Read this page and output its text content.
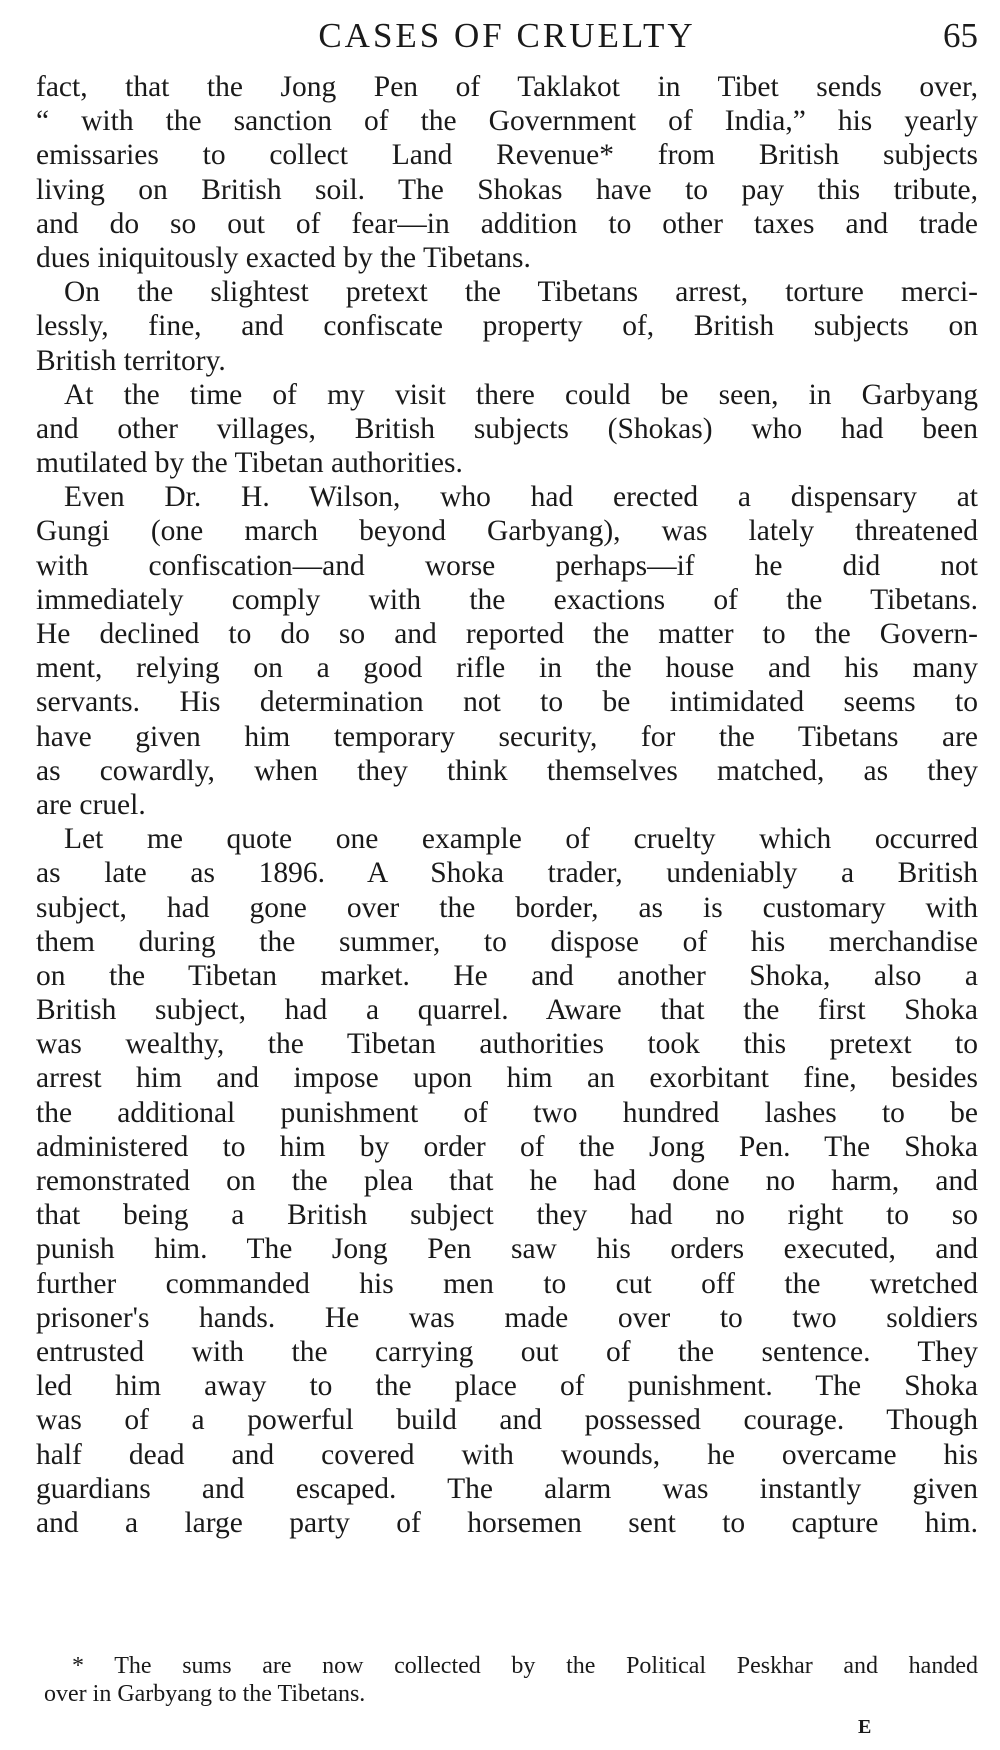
CASES OF CRUELTY	65
fact, that the Jong Pen of Taklakot in Tibet sends over,
“ with the sanction of the Government of India,” his yearly
emissaries to collect Land Revenue* from British subjects
living on British soil. The Shokas have to pay this tribute,
and do so out of fear—in addition to other taxes and trade
dues iniquitously exacted by the Tibetans.
On the slightest pretext the Tibetans arrest, torture merci-
lessly, fine, and confiscate property of, British subjects on
British territory.
At the time of my visit there could be seen, in Garbyang
and other villages, British subjects (Shokas) who had been
mutilated by the Tibetan authorities.
Even Dr. H. Wilson, who had erected a dispensary at
Gungi (one march beyond Garbyang), was lately threatened
with confiscation—and worse perhaps—if he did not
immediately comply with the exactions of the Tibetans.
He declined to do so and reported the matter to the Govern-
ment, relying on a good rifle in the house and his many
servants. His determination not to be intimidated seems to
have given him temporary security, for the Tibetans are
as cowardly, when they think themselves matched, as they
are cruel.
Let me quote one example of cruelty which occurred
as late as 1896. A Shoka trader, undeniably a British
subject, had gone over the border, as is customary with
them during the summer, to dispose of his merchandise
on the Tibetan market. He and another Shoka, also a
British subject, had a quarrel. Aware that the first Shoka
was wealthy, the Tibetan authorities took this pretext to
arrest him and impose upon him an exorbitant fine, besides
the additional punishment of two hundred lashes to be
administered to him by order of the Jong Pen. The Shoka
remonstrated on the plea that he had done no harm, and
that being a British subject they had no right to so
punish him. The Jong Pen saw his orders executed, and
further commanded his men to cut off the wretched
prisoner's hands. He was made over to two soldiers
entrusted with the carrying out of the sentence. They
led him away to the place of punishment. The Shoka
was of a powerful build and possessed courage. Though
half dead and covered with wounds, he overcame his
guardians and escaped. The alarm was instantly given
and a large party of horsemen sent to capture him.
* The sums are now collected by the Political Peskhar and handed
over in Garbyang to the Tibetans.
E
